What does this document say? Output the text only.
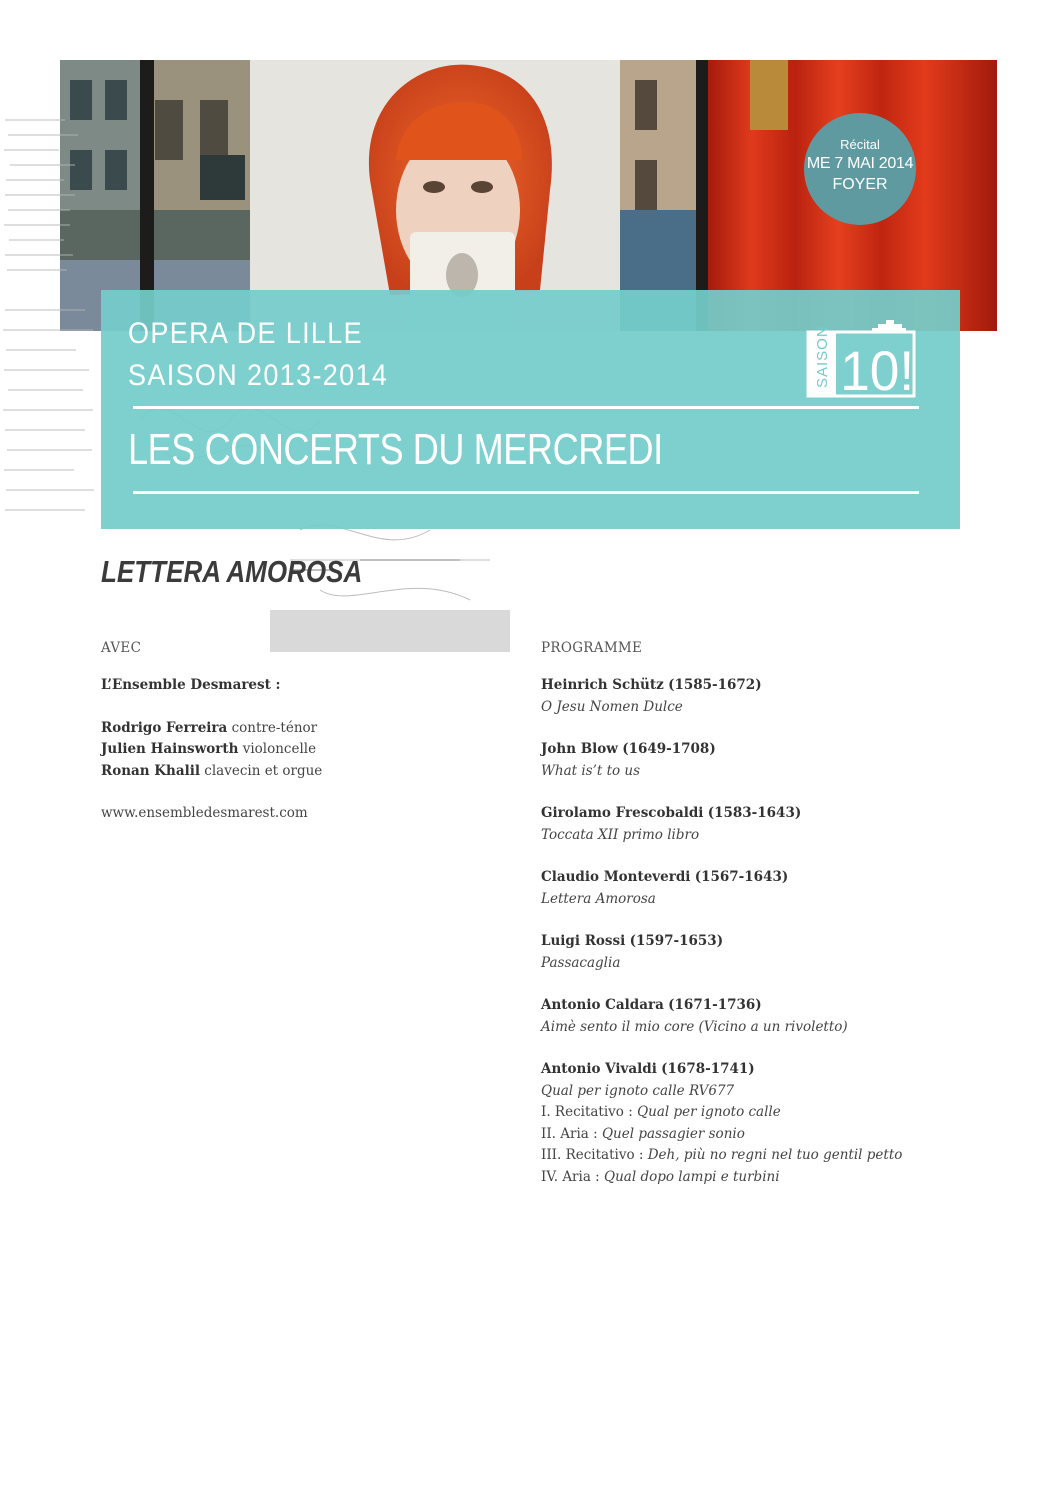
Récital
ME 7 MAI 2014
FOYER
OPERA DE LILLE
SAISON 2013-2014
LES CONCERTS DU MERCREDI
SAISON 10!
LETTERA AMOROSA
AVEC
L’Ensemble Desmarest :
Rodrigo Ferreira contre-ténor
Julien Hainsworth violoncelle
Ronan Khalil clavecin et orgue
www.ensembledesmarest.com
PROGRAMME
Heinrich Schütz (1585-1672)
O Jesu Nomen Dulce
John Blow (1649-1708)
What is’t to us
Girolamo Frescobaldi (1583-1643)
Toccata XII primo libro
Claudio Monteverdi (1567-1643)
Lettera Amorosa
Luigi Rossi (1597-1653)
Passacaglia
Antonio Caldara (1671-1736)
Aimè sento il mio core (Vicino a un rivoletto)
Antonio Vivaldi (1678-1741)
Qual per ignoto calle RV677
I. Recitativo : Qual per ignoto calle
II. Aria : Quel passagier sonio
III. Recitativo : Deh, più no regni nel tuo gentil petto
IV. Aria : Qual dopo lampi e turbini
